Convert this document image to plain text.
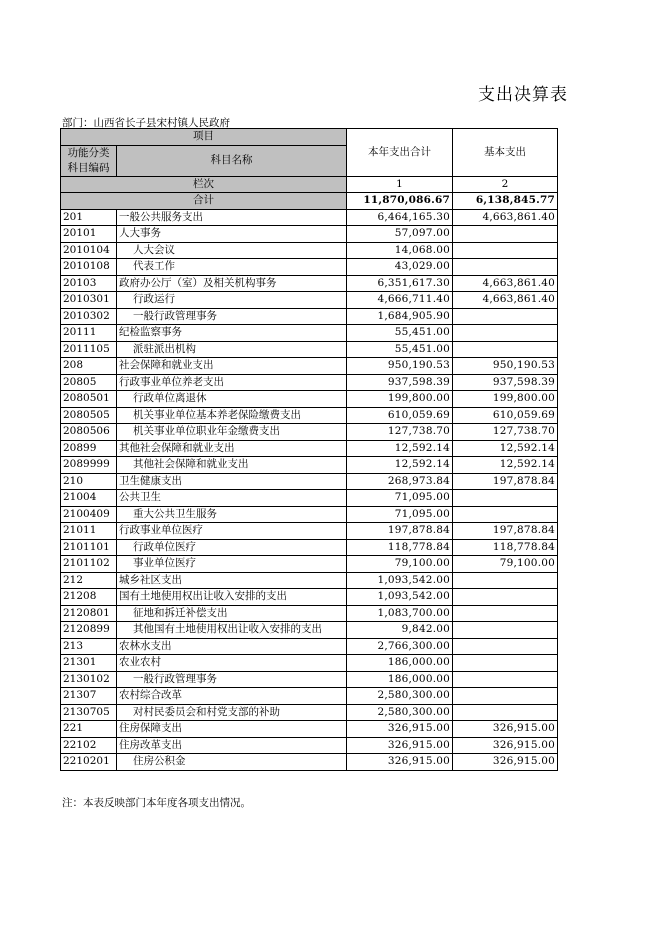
支出决算表
部门：山西省长子县宋村镇人民政府
项目		本年支出合计	基本支出
功能分类
科目编码	科目名称		
栏次		1	2
合计		11,870,086.67	6,138,845.77
201	一般公共服务支出	6,464,165.30	4,663,861.40
20101	人大事务	57,097.00	
2010104	人大会议	14,068.00	
2010108	代表工作	43,029.00	
20103	政府办公厅（室）及相关机构事务	6,351,617.30	4,663,861.40
2010301	行政运行	4,666,711.40	4,663,861.40
2010302	一般行政管理事务	1,684,905.90	
20111	纪检监察事务	55,451.00	
2011105	派驻派出机构	55,451.00	
208	社会保障和就业支出	950,190.53	950,190.53
20805	行政事业单位养老支出	937,598.39	937,598.39
2080501	行政单位离退休	199,800.00	199,800.00
2080505	机关事业单位基本养老保险缴费支出	610,059.69	610,059.69
2080506	机关事业单位职业年金缴费支出	127,738.70	127,738.70
20899	其他社会保障和就业支出	12,592.14	12,592.14
2089999	其他社会保障和就业支出	12,592.14	12,592.14
210	卫生健康支出	268,973.84	197,878.84
21004	公共卫生	71,095.00	
2100409	重大公共卫生服务	71,095.00	
21011	行政事业单位医疗	197,878.84	197,878.84
2101101	行政单位医疗	118,778.84	118,778.84
2101102	事业单位医疗	79,100.00	79,100.00
212	城乡社区支出	1,093,542.00	
21208	国有土地使用权出让收入安排的支出	1,093,542.00	
2120801	征地和拆迁补偿支出	1,083,700.00	
2120899	其他国有土地使用权出让收入安排的支出	9,842.00	
213	农林水支出	2,766,300.00	
21301	农业农村	186,000.00	
2130102	一般行政管理事务	186,000.00	
21307	农村综合改革	2,580,300.00	
2130705	对村民委员会和村党支部的补助	2,580,300.00	
221	住房保障支出	326,915.00	326,915.00
22102	住房改革支出	326,915.00	326,915.00
2210201	住房公积金	326,915.00	326,915.00
注：本表反映部门本年度各项支出情况。
